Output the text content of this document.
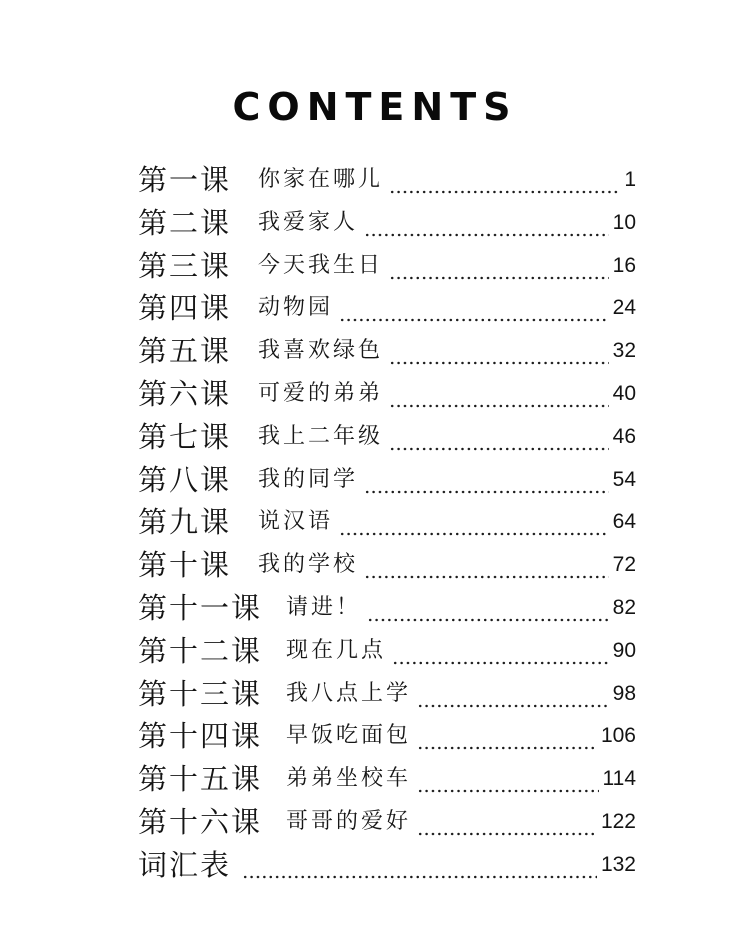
CONTENTS
第一课	你家在哪儿	1
第二课	我爱家人	10
第三课	今天我生日	16
第四课	动物园	24
第五课	我喜欢绿色	32
第六课	可爱的弟弟	40
第七课	我上二年级	46
第八课	我的同学	54
第九课	说汉语	64
第十课	我的学校	72
第十一课	请进！	82
第十二课	现在几点	90
第十三课	我八点上学	98
第十四课	早饭吃面包	106
第十五课	弟弟坐校车	114
第十六课	哥哥的爱好	122
词汇表	132
